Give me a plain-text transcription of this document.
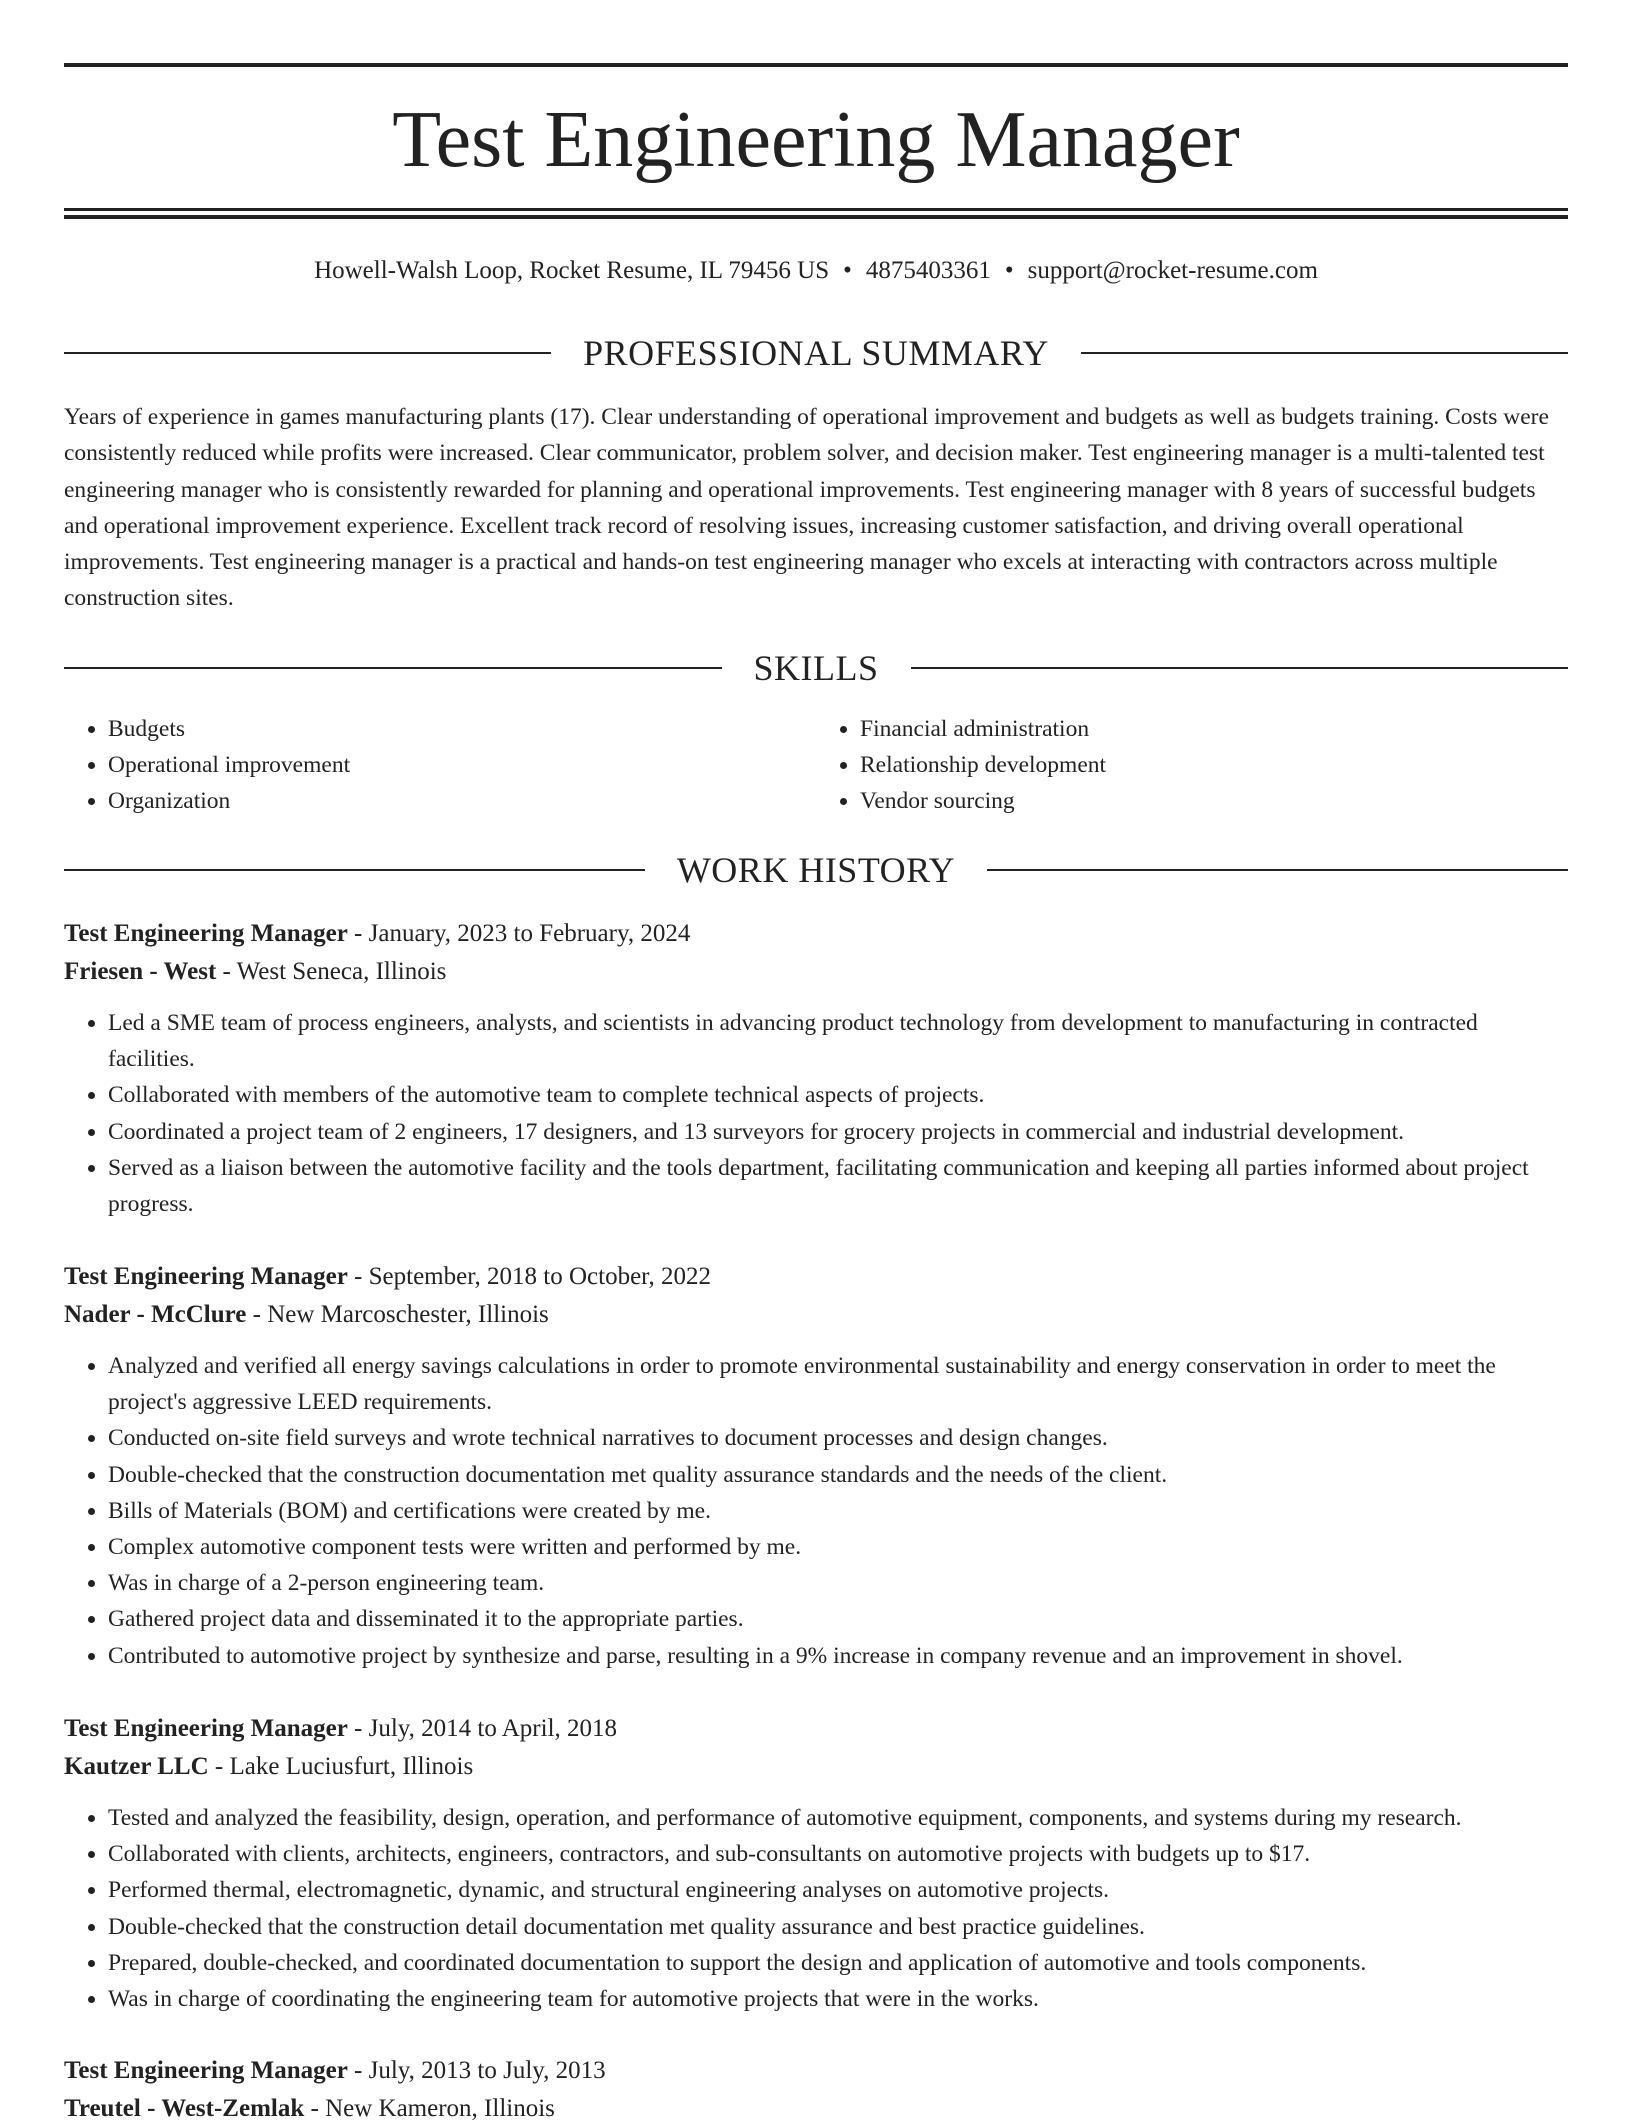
Test Engineering Manager
Howell-Walsh Loop, Rocket Resume, IL 79456 US • 4875403361 • support@rocket-resume.com
PROFESSIONAL SUMMARY

Years of experience in games manufacturing plants (17). Clear understanding of operational improvement and budgets as well as budgets training. Costs were consistently reduced while profits were increased. Clear communicator, problem solver, and decision maker. Test engineering manager is a multi-talented test engineering manager who is consistently rewarded for planning and operational improvements. Test engineering manager with 8 years of successful budgets and operational improvement experience. Excellent track record of resolving issues, increasing customer satisfaction, and driving overall operational improvements. Test engineering manager is a practical and hands-on test engineering manager who excels at interacting with contractors across multiple construction sites.

SKILLS
• Budgets
• Operational improvement
• Organization
• Financial administration
• Relationship development
• Vendor sourcing
WORK HISTORY
Test Engineering Manager - January, 2023 to February, 2024
Friesen - West - West Seneca, Illinois
• Led a SME team of process engineers, analysts, and scientists in advancing product technology from development to manufacturing in contracted facilities.
• Collaborated with members of the automotive team to complete technical aspects of projects.
• Coordinated a project team of 2 engineers, 17 designers, and 13 surveyors for grocery projects in commercial and industrial development.
• Served as a liaison between the automotive facility and the tools department, facilitating communication and keeping all parties informed about project progress.
Test Engineering Manager - September, 2018 to October, 2022
Nader - McClure - New Marcoschester, Illinois
• Analyzed and verified all energy savings calculations in order to promote environmental sustainability and energy conservation in order to meet the project's aggressive LEED requirements.
• Conducted on-site field surveys and wrote technical narratives to document processes and design changes.
• Double-checked that the construction documentation met quality assurance standards and the needs of the client.
• Bills of Materials (BOM) and certifications were created by me.
• Complex automotive component tests were written and performed by me.
• Was in charge of a 2-person engineering team.
• Gathered project data and disseminated it to the appropriate parties.
• Contributed to automotive project by synthesize and parse, resulting in a 9% increase in company revenue and an improvement in shovel.
Test Engineering Manager - July, 2014 to April, 2018
Kautzer LLC - Lake Luciusfurt, Illinois
• Tested and analyzed the feasibility, design, operation, and performance of automotive equipment, components, and systems during my research.
• Collaborated with clients, architects, engineers, contractors, and sub-consultants on automotive projects with budgets up to $17.
• Performed thermal, electromagnetic, dynamic, and structural engineering analyses on automotive projects.
• Double-checked that the construction detail documentation met quality assurance and best practice guidelines.
• Prepared, double-checked, and coordinated documentation to support the design and application of automotive and tools components.
• Was in charge of coordinating the engineering team for automotive projects that were in the works.
Test Engineering Manager - July, 2013 to July, 2013
Treutel - West-Zemlak - New Kameron, Illinois
